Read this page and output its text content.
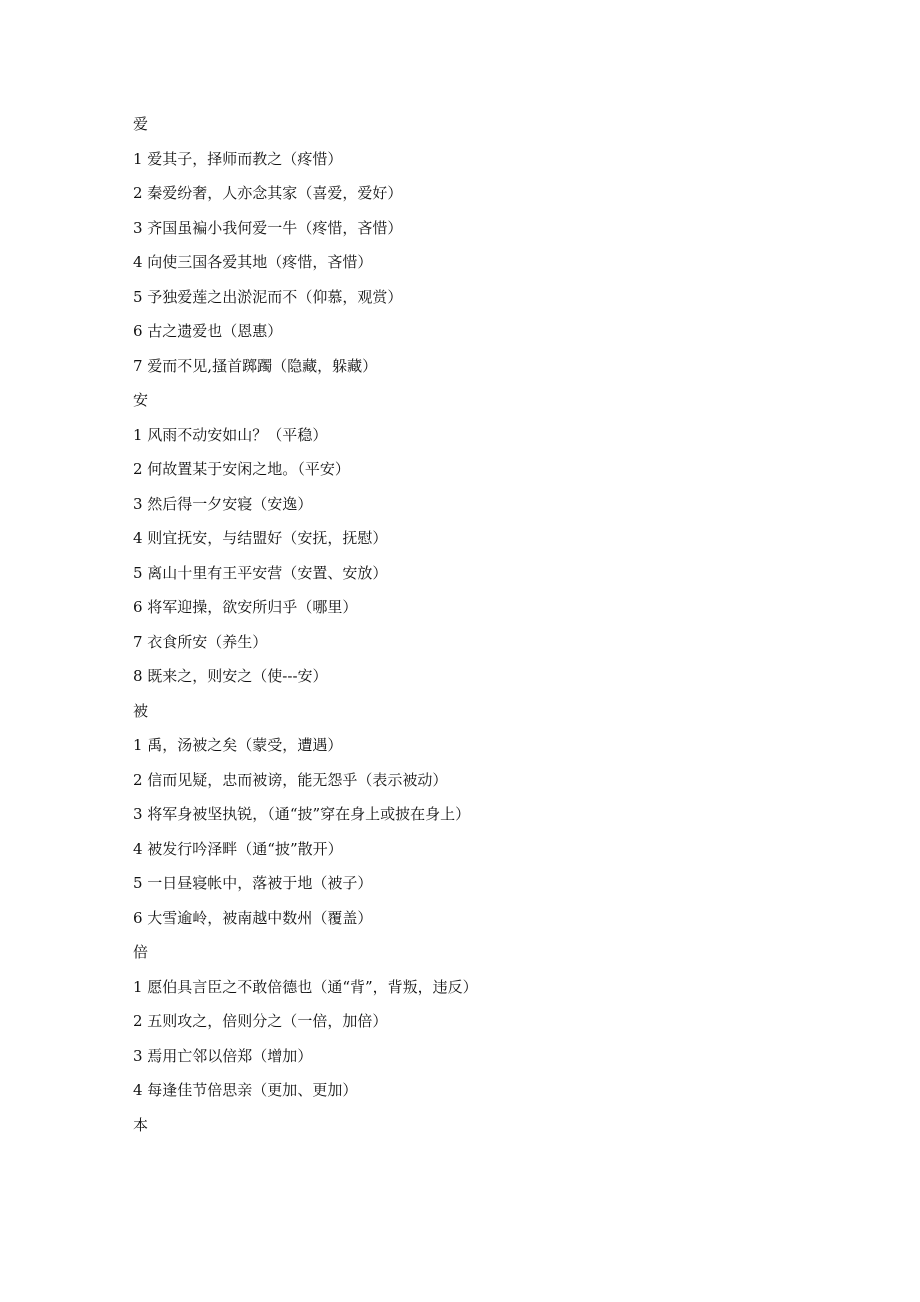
爱
1 爱其子，择师而教之（疼惜）
2 秦爱纷奢，人亦念其家（喜爱，爱好）
3 齐国虽褊小我何爱一牛（疼惜，吝惜）
4 向使三国各爱其地（疼惜，吝惜）
5 予独爱莲之出淤泥而不（仰慕，观赏）
6 古之遗爱也（恩惠）
7 爱而不见,搔首踯躅（隐藏，躲藏）
安
1 风雨不动安如山？（平稳）
2 何故置某于安闲之地。（平安）
3 然后得一夕安寝（安逸）
4 则宜抚安，与结盟好（安抚，抚慰）
5 离山十里有王平安营（安置、安放）
6 将军迎操，欲安所归乎（哪里）
7 衣食所安（养生）
8 既来之，则安之（使---安）
被
1 禹，汤被之矣（蒙受，遭遇）
2 信而见疑，忠而被谤，能无怨乎（表示被动）
3 将军身被坚执锐，（通“披”穿在身上或披在身上）
4 被发行吟泽畔（通“披”散开）
5 一日昼寝帐中，落被于地（被子）
6 大雪逾岭，被南越中数州（覆盖）
倍
1 愿伯具言臣之不敢倍德也（通“背”，背叛，违反）
2 五则攻之，倍则分之（一倍，加倍）
3 焉用亡邻以倍郑（增加）
4 每逢佳节倍思亲（更加、更加）
本
